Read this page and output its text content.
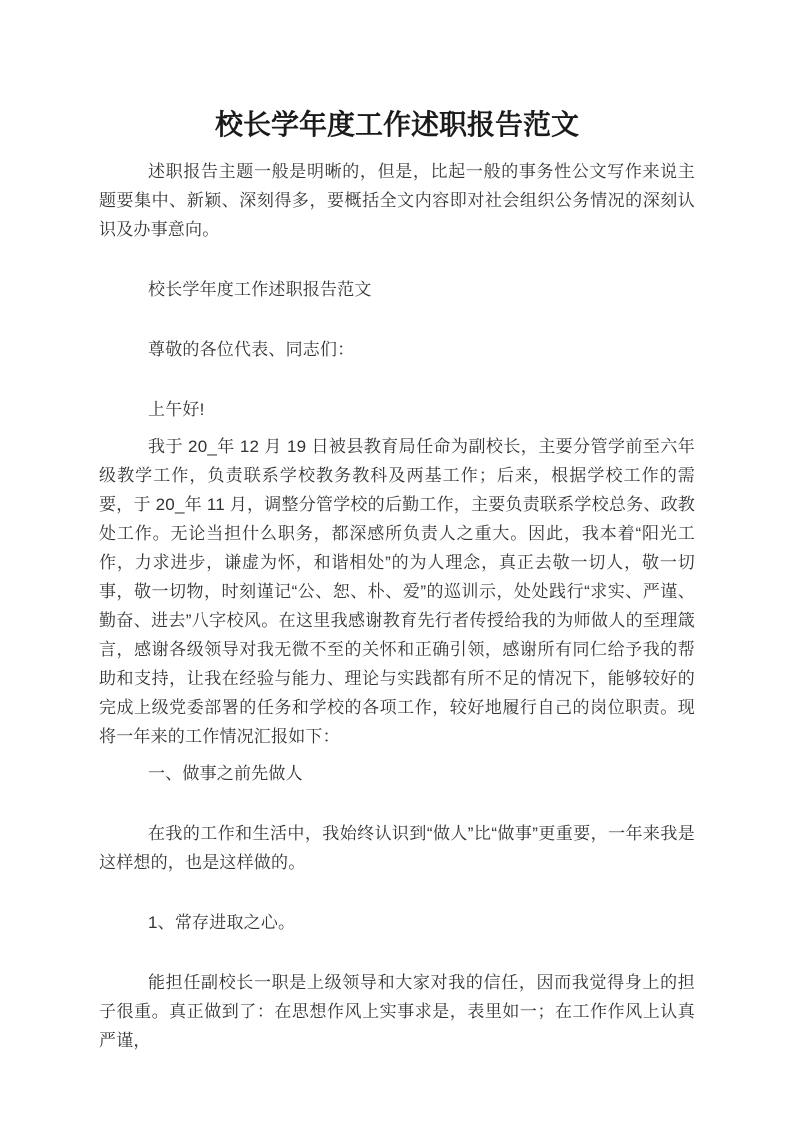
校长学年度工作述职报告范文

述职报告主题一般是明晰的，但是，比起一般的事务性公文写作来说主题要集中、新颖、深刻得多，要概括全文内容即对社会组织公务情况的深刻认识及办事意向。

校长学年度工作述职报告范文

尊敬的各位代表、同志们：

上午好!

我于 20_年 12 月 19 日被县教育局任命为副校长，主要分管学前至六年级教学工作，负责联系学校教务教科及两基工作；后来，根据学校工作的需要，于 20_年 11 月，调整分管学校的后勤工作，主要负责联系学校总务、政教处工作。无论当担什么职务，都深感所负责人之重大。因此，我本着“阳光工作，力求进步，谦虚为怀，和谐相处”的为人理念，真正去敬一切人，敬一切事，敬一切物，时刻谨记“公、恕、朴、爱”的巡训示，处处践行“求实、严谨、勤奋、进去”八字校风。在这里我感谢教育先行者传授给我的为师做人的至理箴言，感谢各级领导对我无微不至的关怀和正确引领，感谢所有同仁给予我的帮助和支持，让我在经验与能力、理论与实践都有所不足的情况下，能够较好的完成上级党委部署的任务和学校的各项工作，较好地履行自己的岗位职责。现将一年来的工作情况汇报如下：

一、做事之前先做人

在我的工作和生活中，我始终认识到“做人”比“做事”更重要，一年来我是这样想的，也是这样做的。

1、常存进取之心。

能担任副校长一职是上级领导和大家对我的信任，因而我觉得身上的担子很重。真正做到了：在思想作风上实事求是，表里如一；在工作作风上认真严谨，
